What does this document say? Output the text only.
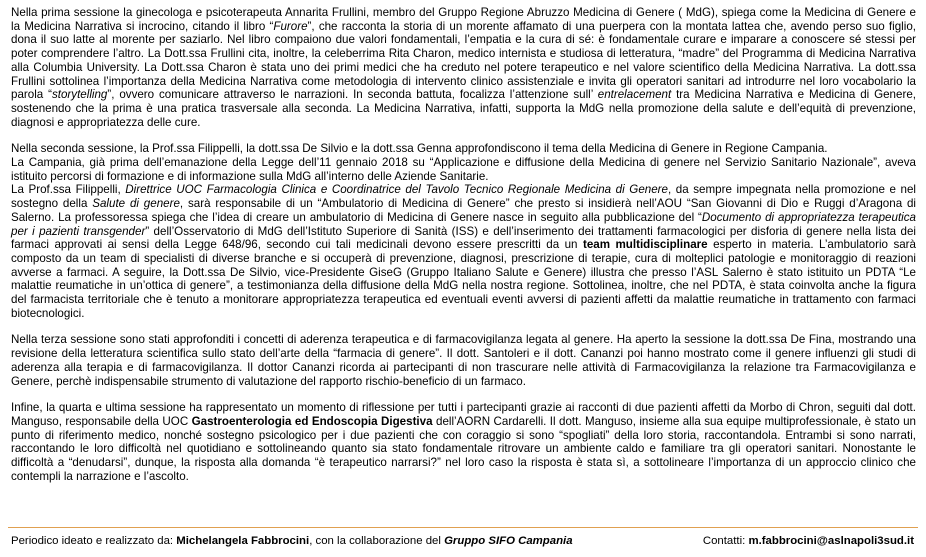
Nella prima sessione la ginecologa e psicoterapeuta Annarita Frullini, membro del Gruppo Regione Abruzzo Medicina di Genere ( MdG), spiega come la Medicina di Genere e la Medicina Narrativa si incrocino, citando il libro “Furore”, che racconta la storia di un morente affamato di una puerpera con la montata lattea che, avendo perso suo figlio, dona il suo latte al morente per saziarlo. Nel libro compaiono due valori fondamentali, l’empatia e la cura di sé: è fondamentale curare e imparare a conoscere sé stessi per poter comprendere l’altro. La Dott.ssa Frullini cita, inoltre, la celeberrima Rita Charon, medico internista e studiosa di letteratura, “madre” del Programma di Medicina Narrativa alla Columbia University. La Dott.ssa Charon è stata uno dei primi medici che ha creduto nel potere terapeutico e nel valore scientifico della Medicina Narrativa. La dott.ssa Frullini sottolinea l’importanza della Medicina Narrativa come metodologia di intervento clinico assistenziale e invita gli operatori sanitari ad introdurre nel loro vocabolario la parola “storytelling”, ovvero comunicare attraverso le narrazioni. In seconda battuta, focalizza l’attenzione sull’ entrelacement tra Medicina Narrativa e Medicina di Genere, sostenendo che la prima è una pratica trasversale alla seconda. La Medicina Narrativa, infatti, supporta la MdG nella promozione della salute e dell’equità di prevenzione, diagnosi e appropriatezza delle cure.

Nella seconda sessione, la Prof.ssa Filippelli, la dott.ssa De Silvio e la dott.ssa Genna approfondiscono il tema della Medicina di Genere in Regione Campania.

La Campania, già prima dell’emanazione della Legge dell’11 gennaio 2018 su “Applicazione e diffusione della Medicina di genere nel Servizio Sanitario Nazionale”, aveva istituito percorsi di formazione e di informazione sulla MdG all’interno delle Aziende Sanitarie.

La Prof.ssa Filippelli, Direttrice UOC Farmacologia Clinica e Coordinatrice del Tavolo Tecnico Regionale Medicina di Genere, da sempre impegnata nella promozione e nel sostegno della Salute di genere, sarà responsabile di un “Ambulatorio di Medicina di Genere” che presto si insidierà nell’AOU “San Giovanni di Dio e Ruggi d’Aragona di Salerno. La professoressa spiega che l’idea di creare un ambulatorio di Medicina di Genere nasce in seguito alla pubblicazione del “Documento di appropriatezza terapeutica per i pazienti transgender” dell’Osservatorio di MdG dell’Istituto Superiore di Sanità (ISS) e dell’inserimento dei trattamenti farmacologici per disforia di genere nella lista dei farmaci approvati ai sensi della Legge 648/96, secondo cui tali medicinali devono essere prescritti da un team multidisciplinare esperto in materia. L’ambulatorio sarà composto da un team di specialisti di diverse branche e si occuperà di prevenzione, diagnosi, prescrizione di terapie, cura di molteplici patologie e monitoraggio di reazioni avverse a farmaci. A seguire, la Dott.ssa De Silvio, vice-Presidente GiseG (Gruppo Italiano Salute e Genere) illustra che presso l’ASL Salerno è stato istituito un PDTA “Le malattie reumatiche in un’ottica di genere”, a testimonianza della diffusione della MdG nella nostra regione. Sottolinea, inoltre, che nel PDTA, è stata coinvolta anche la figura del farmacista territoriale che è tenuto a monitorare appropriatezza terapeutica ed eventuali eventi avversi di pazienti affetti da malattie reumatiche in trattamento con farmaci biotecnologici.

Nella terza sessione sono stati approfonditi i concetti di aderenza terapeutica e di farmacovigilanza legata al genere. Ha aperto la sessione la dott.ssa De Fina, mostrando una revisione della letteratura scientifica sullo stato dell’arte della “farmacia di genere”. Il dott. Santoleri e il dott. Cananzi poi hanno mostrato come il genere influenzi gli studi di aderenza alla terapia e di farmacovigilanza. Il dottor Cananzi ricorda ai partecipanti di non trascurare nelle attività di Farmacovigilanza la relazione tra Farmacovigilanza e Genere, perchè indispensabile strumento di valutazione del rapporto rischio-beneficio di un farmaco.

Infine, la quarta e ultima sessione ha rappresentato un momento di riflessione per tutti i partecipanti grazie ai racconti di due pazienti affetti da Morbo di Chron, seguiti dal dott. Manguso, responsabile della UOC Gastroenterologia ed Endoscopia Digestiva dell’AORN Cardarelli. Il dott. Manguso, insieme alla sua equipe multiprofessionale, è stato un punto di riferimento medico, nonché sostegno psicologico per i due pazienti che con coraggio si sono “spogliati” della loro storia, raccontandola. Entrambi si sono narrati, raccontando le loro difficoltà nel quotidiano e sottolineando quanto sia stato fondamentale ritrovare un ambiente caldo e familiare tra gli operatori sanitari. Nonostante le difficoltà a “denudarsi”, dunque, la risposta alla domanda “è terapeutico narrarsi?” nel loro caso la risposta è stata sì, a sottolineare l’importanza di un approccio clinico che contempli la narrazione e l’ascolto.

Periodico ideato e realizzato da: Michelangela Fabbrocini, con la collaborazione del Gruppo SIFO Campania	Contatti: m.fabbrocini@aslnapoli3sud.it
